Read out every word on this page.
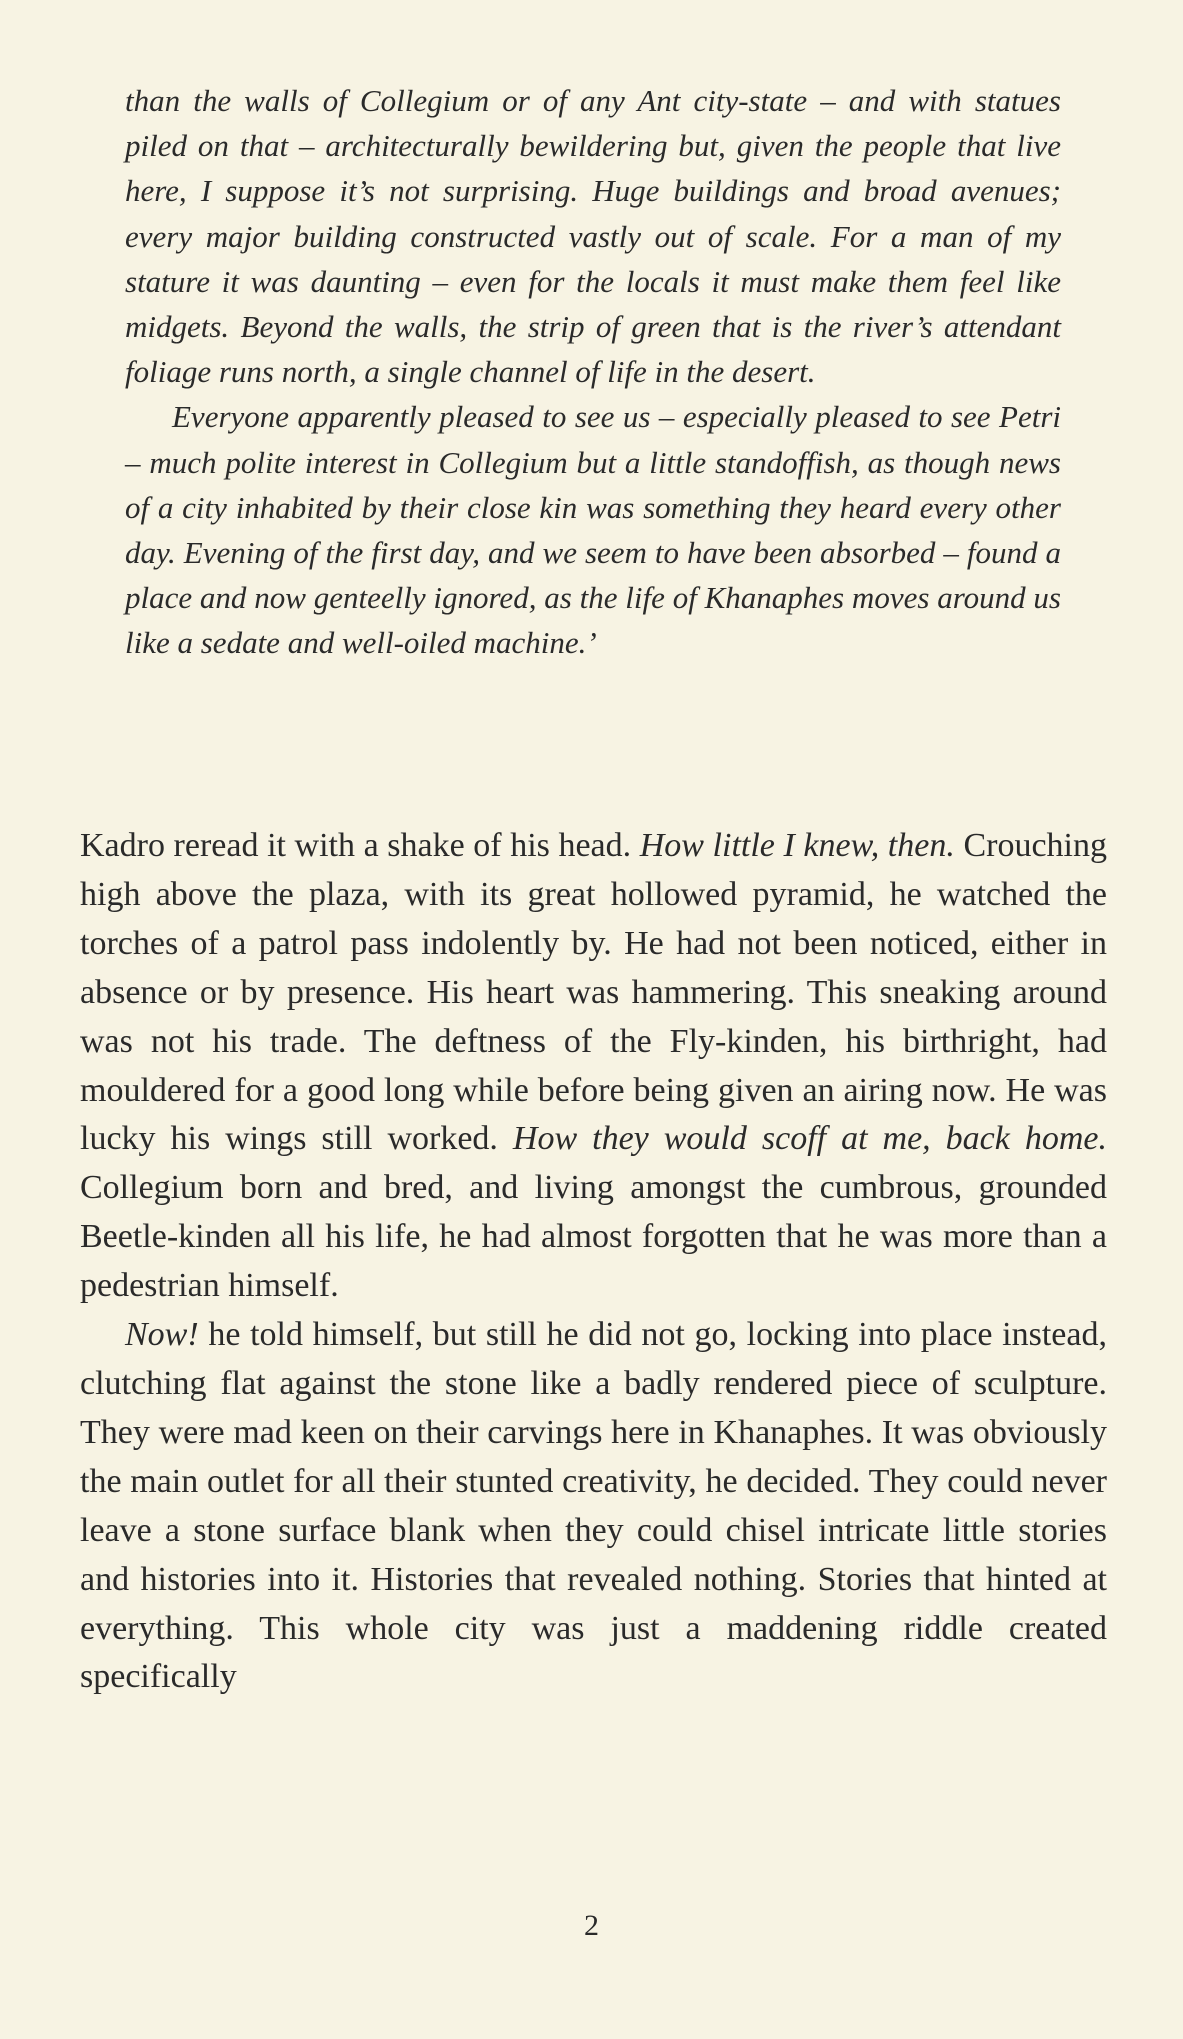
than the walls of Collegium or of any Ant city-state – and with statues piled on that – architecturally bewildering but, given the people that live here, I suppose it’s not surprising. Huge buildings and broad avenues; every major building constructed vastly out of scale. For a man of my stature it was daunting – even for the locals it must make them feel like midgets. Beyond the walls, the strip of green that is the river’s attendant foliage runs north, a single channel of life in the desert.

Everyone apparently pleased to see us – especially pleased to see Petri – much polite interest in Collegium but a little standoffish, as though news of a city inhabited by their close kin was something they heard every other day. Evening of the first day, and we seem to have been absorbed – found a place and now genteelly ignored, as the life of Khanaphes moves around us like a sedate and well-oiled machine.’

Kadro reread it with a shake of his head. How little I knew, then. Crouching high above the plaza, with its great hollowed pyramid, he watched the torches of a patrol pass indolently by. He had not been noticed, either in absence or by presence. His heart was hammering. This sneaking around was not his trade. The deftness of the Fly-kinden, his birthright, had mouldered for a good long while before being given an airing now. He was lucky his wings still worked. How they would scoff at me, back home. Collegium born and bred, and living amongst the cumbrous, grounded Beetle-kinden all his life, he had almost forgotten that he was more than a pedestrian himself.

Now! he told himself, but still he did not go, locking into place instead, clutching flat against the stone like a badly rendered piece of sculpture. They were mad keen on their carvings here in Khanaphes. It was obviously the main outlet for all their stunted creativity, he decided. They could never leave a stone surface blank when they could chisel intricate little stories and histories into it. Histories that revealed nothing. Stories that hinted at everything. This whole city was just a maddening riddle created specifically

2
